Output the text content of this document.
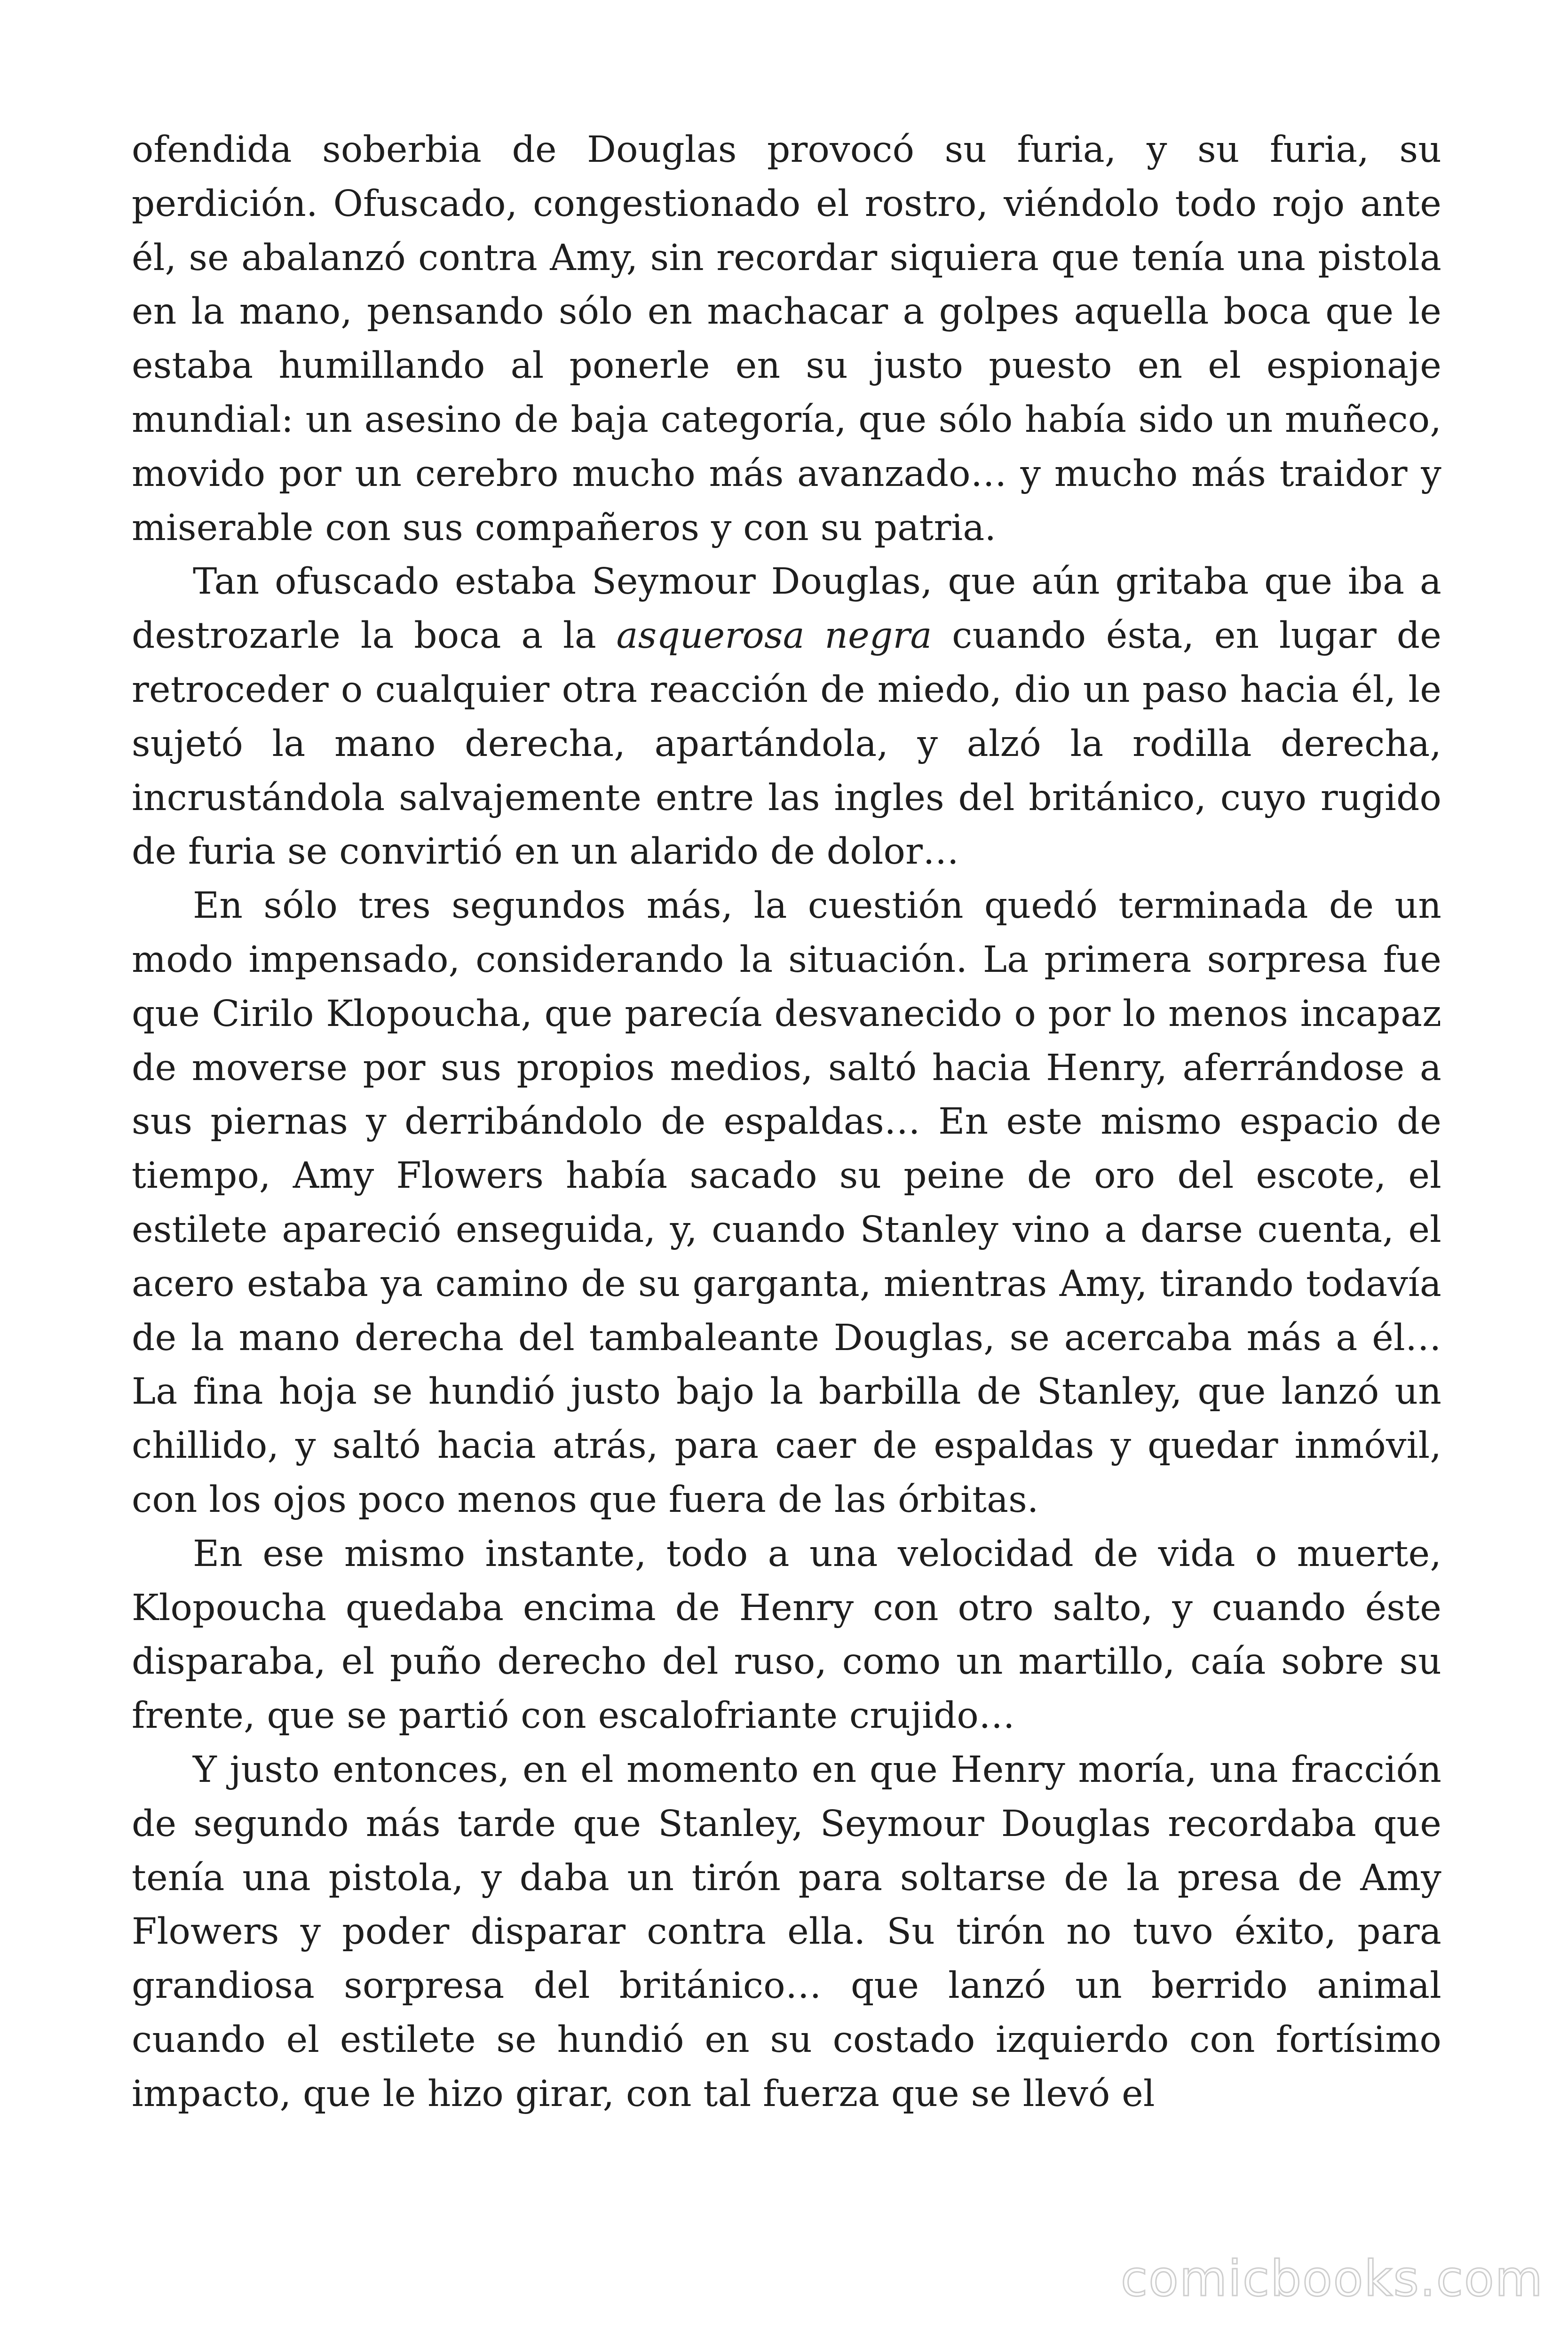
ofendida soberbia de Douglas provocó su furia, y su furia, su perdición. Ofuscado, congestionado el rostro, viéndolo todo rojo ante él, se abalanzó contra Amy, sin recordar siquiera que tenía una pistola en la mano, pensando sólo en machacar a golpes aquella boca que le estaba humillando al ponerle en su justo puesto en el espionaje mundial: un asesino de baja categoría, que sólo había sido un muñeco, movido por un cerebro mucho más avanzado… y mucho más traidor y miserable con sus compañeros y con su patria.

Tan ofuscado estaba Seymour Douglas, que aún gritaba que iba a destrozarle la boca a la asquerosa negra cuando ésta, en lugar de retroceder o cualquier otra reacción de miedo, dio un paso hacia él, le sujetó la mano derecha, apartándola, y alzó la rodilla derecha, incrustándola salvajemente entre las ingles del británico, cuyo rugido de furia se convirtió en un alarido de dolor…

En sólo tres segundos más, la cuestión quedó terminada de un modo impensado, considerando la situación. La primera sorpresa fue que Cirilo Klopoucha, que parecía desvanecido o por lo menos incapaz de moverse por sus propios medios, saltó hacia Henry, aferrándose a sus piernas y derribándolo de espaldas… En este mismo espacio de tiempo, Amy Flowers había sacado su peine de oro del escote, el estilete apareció enseguida, y, cuando Stanley vino a darse cuenta, el acero estaba ya camino de su garganta, mientras Amy, tirando todavía de la mano derecha del tambaleante Douglas, se acercaba más a él… La fina hoja se hundió justo bajo la barbilla de Stanley, que lanzó un chillido, y saltó hacia atrás, para caer de espaldas y quedar inmóvil, con los ojos poco menos que fuera de las órbitas.

En ese mismo instante, todo a una velocidad de vida o muerte, Klopoucha quedaba encima de Henry con otro salto, y cuando éste disparaba, el puño derecho del ruso, como un martillo, caía sobre su frente, que se partió con escalofriante crujido…

Y justo entonces, en el momento en que Henry moría, una fracción de segundo más tarde que Stanley, Seymour Douglas recordaba que tenía una pistola, y daba un tirón para soltarse de la presa de Amy Flowers y poder disparar contra ella. Su tirón no tuvo éxito, para grandiosa sorpresa del británico… que lanzó un berrido animal cuando el estilete se hundió en su costado izquierdo con fortísimo impacto, que le hizo girar, con tal fuerza que se llevó el

comicbooks.com
